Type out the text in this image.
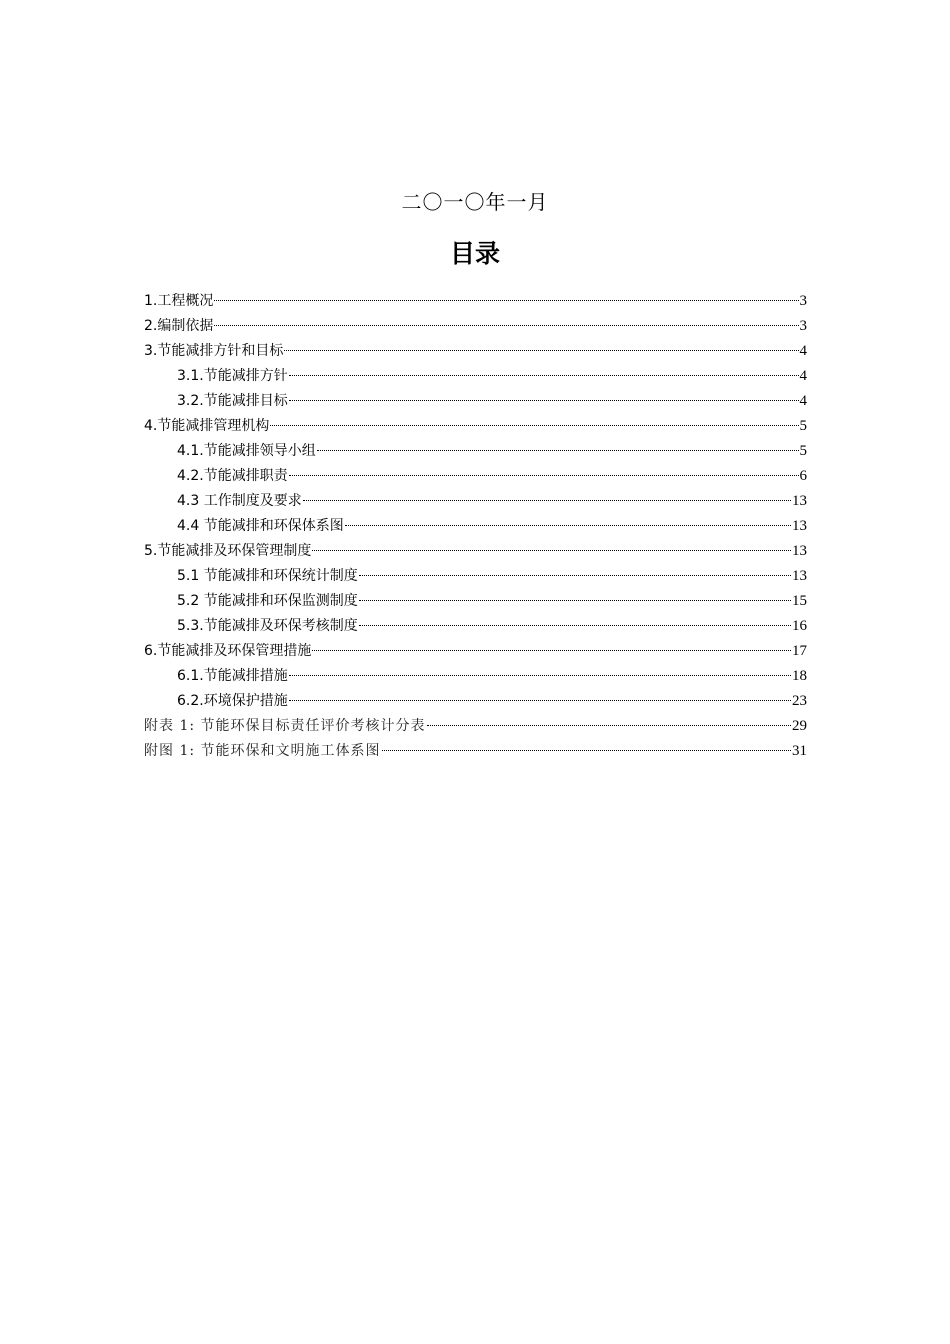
二〇一〇年一月
目录
1.工程概况	3
2.编制依据	3
3.节能减排方针和目标	4
3.1.节能减排方针	4
3.2.节能减排目标	4
4.节能减排管理机构	5
4.1.节能减排领导小组	5
4.2.节能减排职责	6
4.3 工作制度及要求	13
4.4 节能减排和环保体系图	13
5.节能减排及环保管理制度	13
5.1 节能减排和环保统计制度	13
5.2 节能减排和环保监测制度	15
5.3.节能减排及环保考核制度	16
6.节能减排及环保管理措施	17
6.1.节能减排措施	18
6.2.环境保护措施	23
附表 1: 节能环保目标责任评价考核计分表	29
附图 1: 节能环保和文明施工体系图	31
